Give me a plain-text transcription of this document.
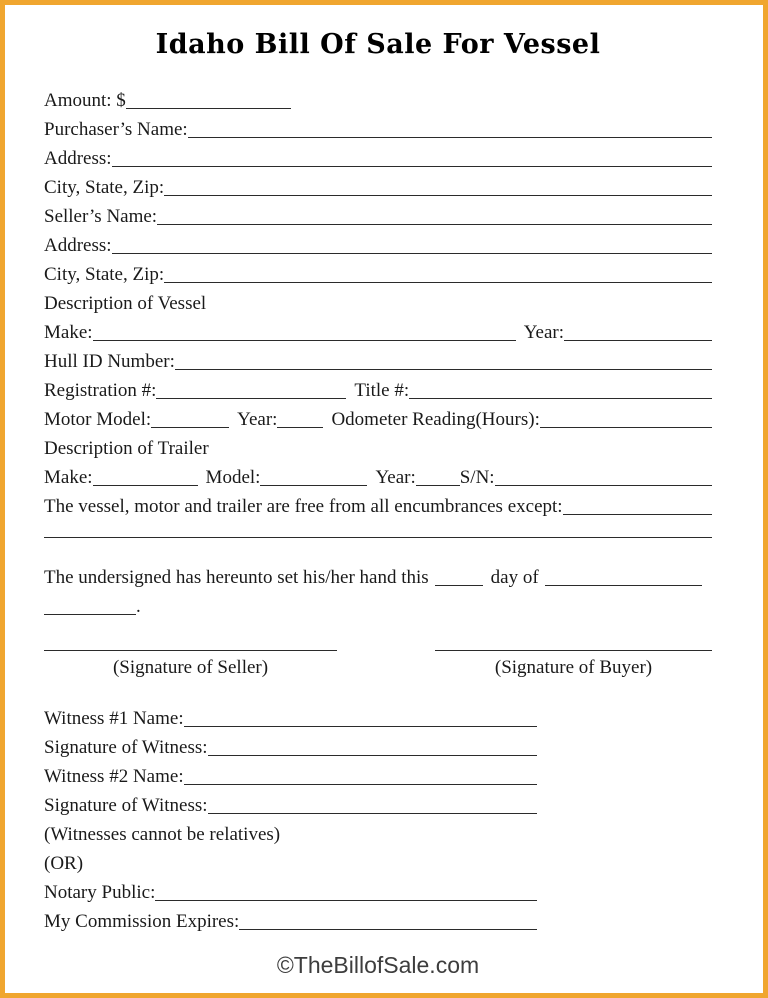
Idaho Bill Of Sale For Vessel
Amount: $
Purchaser’s Name:
Address:
City, State, Zip:
Seller’s Name:
Address:
City, State, Zip:
Description of Vessel
Make:	Year:
Hull ID Number:
Registration #:	Title #:
Motor Model:	Year:	Odometer Reading(Hours):
Description of Trailer
Make:	Model:	Year: S/N:
The vessel, motor and trailer are free from all encumbrances except:
The undersigned has hereunto set his/her hand this	day of
.
(Signature of Seller)	(Signature of Buyer)
Witness #1 Name:
Signature of Witness:
Witness #2 Name:
Signature of Witness:
(Witnesses cannot be relatives)
(OR)
Notary Public:
My Commission Expires:
©TheBillofSale.com
